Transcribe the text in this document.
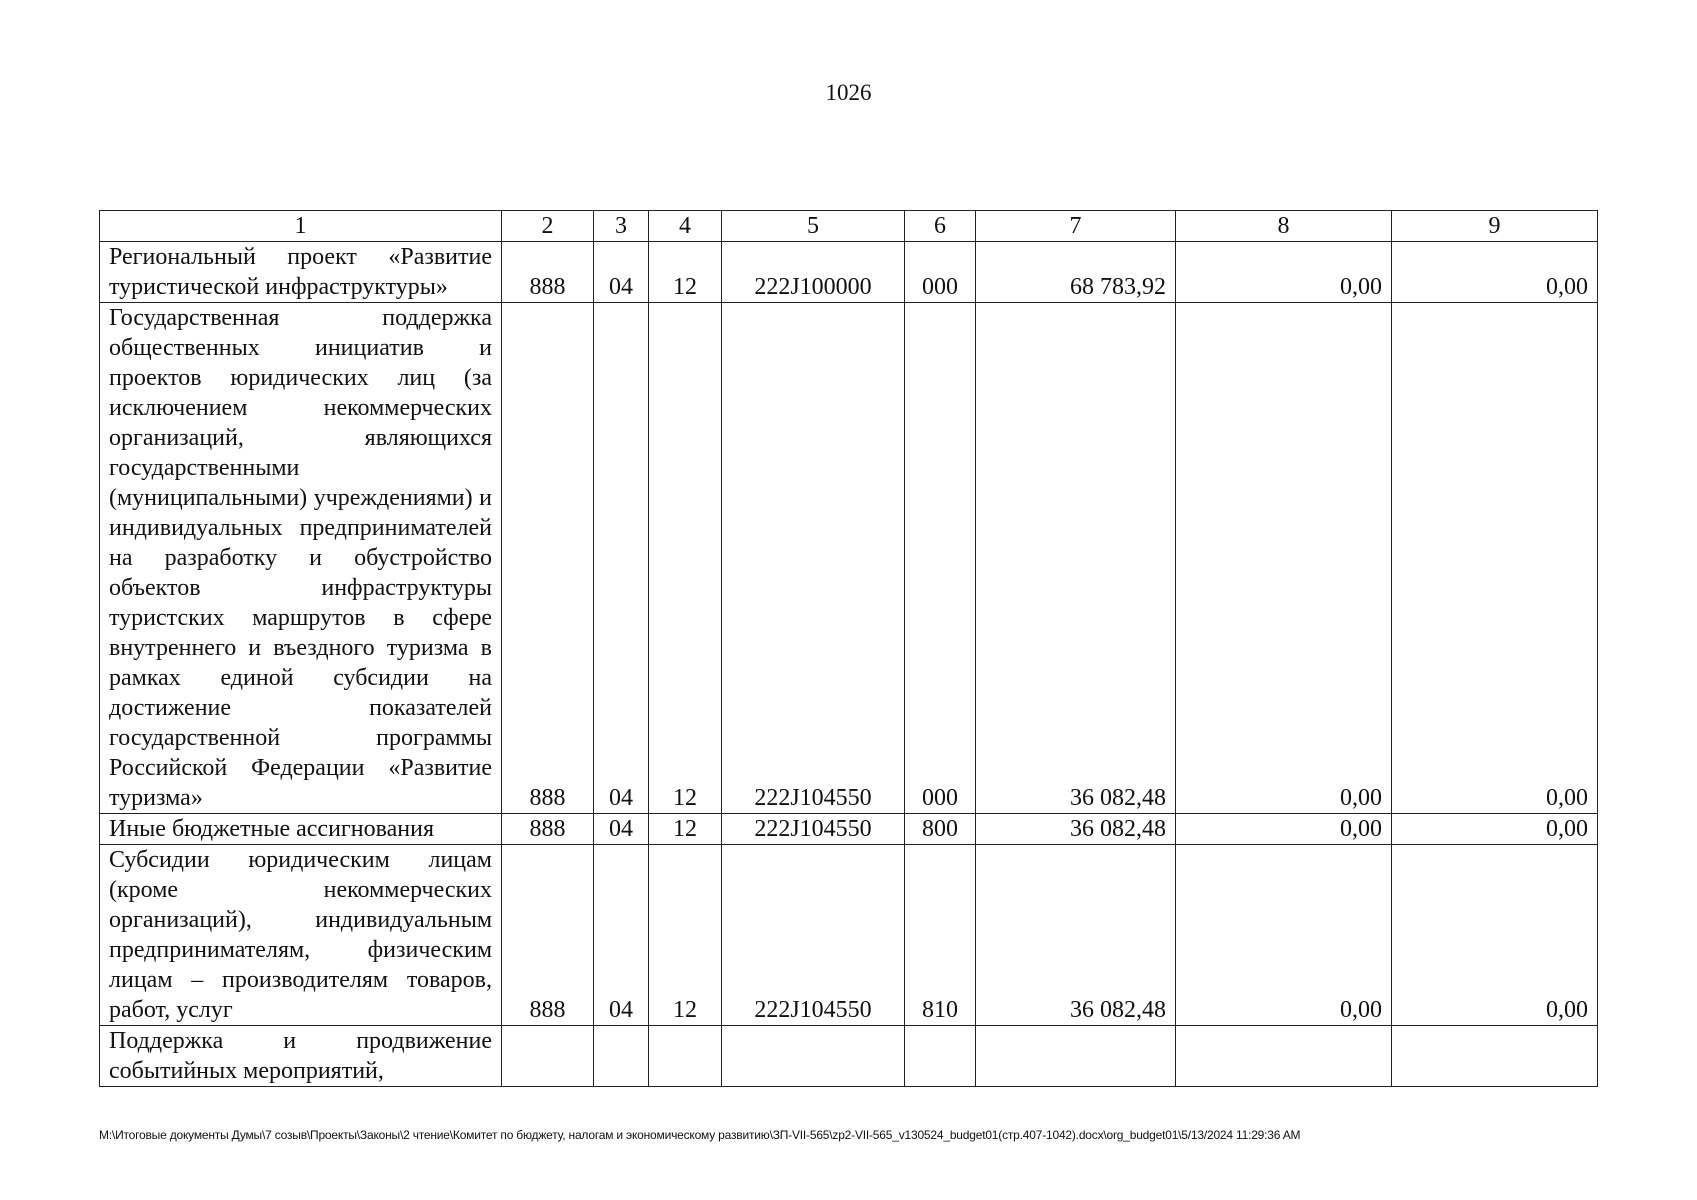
1026
1	2	3	4	5	6	7	8	9
Региональный проект «Развитие туристической инфраструктуры»	888	04	12	222J100000	000	68 783,92	0,00	0,00
Государственная поддержка общественных инициатив и проектов юридических лиц (за исключением некоммерческих организаций, являющихся государственными (муниципальными) учреждениями) и индивидуальных предпринимателей на разработку и обустройство объектов инфраструктуры туристских маршрутов в сфере внутреннего и въездного туризма в рамках единой субсидии на достижение показателей государственной программы Российской Федерации «Развитие туризма»	888	04	12	222J104550	000	36 082,48	0,00	0,00
Иные бюджетные ассигнования	888	04	12	222J104550	800	36 082,48	0,00	0,00
Субсидии юридическим лицам (кроме некоммерческих организаций), индивидуальным предпринимателям, физическим лицам – производителям товаров, работ, услуг	888	04	12	222J104550	810	36 082,48	0,00	0,00
Поддержка и продвижение событийных мероприятий,								
M:\Итоговые документы Думы\7 созыв\Проекты\Законы\2 чтение\Комитет по бюджету, налогам и экономическому развитию\ЗП-VII-565\zp2-VII-565_v130524_budget01(стр.407-1042).docx\org_budget01\5/13/2024 11:29:36 AM
